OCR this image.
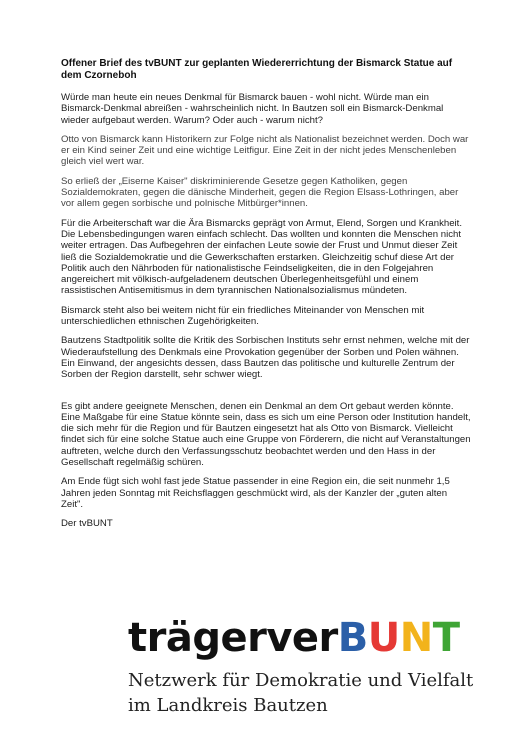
Offener Brief des tvBUNT zur geplanten Wiedererrichtung der Bismarck Statue auf dem Czorneboh

Würde man heute ein neues Denkmal für Bismarck bauen - wohl nicht. Würde man ein Bismarck-Denkmal abreißen - wahrscheinlich nicht. In Bautzen soll ein Bismarck-Denkmal wieder aufgebaut werden. Warum? Oder auch - warum nicht?

Otto von Bismarck kann Historikern zur Folge nicht als Nationalist bezeichnet werden. Doch war er ein Kind seiner Zeit und eine wichtige Leitfigur. Eine Zeit in der nicht jedes Menschenleben gleich viel wert war.

So erließ der „Eiserne Kaiser" diskriminierende Gesetze gegen Katholiken, gegen Sozialdemokraten, gegen die dänische Minderheit, gegen die Region Elsass-Lothringen, aber vor allem gegen sorbische und polnische Mitbürger*innen.

Für die Arbeiterschaft war die Ära Bismarcks geprägt von Armut, Elend, Sorgen und Krankheit. Die Lebensbedingungen waren einfach schlecht. Das wollten und konnten die Menschen nicht weiter ertragen. Das Aufbegehren der einfachen Leute sowie der Frust und Unmut dieser Zeit ließ die Sozialdemokratie und die Gewerkschaften erstarken. Gleichzeitig schuf diese Art der Politik auch den Nährboden für nationalistische Feindseligkeiten, die in den Folgejahren angereichert mit völkisch-aufgeladenem deutschen Überlegenheitsgefühl und einem rassistischen Antisemitismus in dem tyrannischen Nationalsozialismus mündeten.

Bismarck steht also bei weitem nicht für ein friedliches Miteinander von Menschen mit unterschiedlichen ethnischen Zugehörigkeiten.

Bautzens Stadtpolitik sollte die Kritik des Sorbischen Instituts sehr ernst nehmen, welche mit der Wiederaufstellung des Denkmals eine Provokation gegenüber der Sorben und Polen wähnen. Ein Einwand, der angesichts dessen, dass Bautzen das politische und kulturelle Zentrum der Sorben der Region darstellt, sehr schwer wiegt.

Es gibt andere geeignete Menschen, denen ein Denkmal an dem Ort gebaut werden könnte. Eine Maßgabe für eine Statue könnte sein, dass es sich um eine Person oder Institution handelt, die sich mehr für die Region und für Bautzen eingesetzt hat als Otto von Bismarck. Vielleicht findet sich für eine solche Statue auch eine Gruppe von Förderern, die nicht auf Veranstaltungen auftreten, welche durch den Verfassungsschutz beobachtet werden und den Hass in der Gesellschaft regelmäßig schüren.

Am Ende fügt sich wohl fast jede Statue passender in eine Region ein, die seit nunmehr 1,5 Jahren jeden Sonntag mit Reichsflaggen geschmückt wird, als der Kanzler der „guten alten Zeit".

Der tvBUNT

trägerverBUNT
Netzwerk für Demokratie und Vielfalt
im Landkreis Bautzen
